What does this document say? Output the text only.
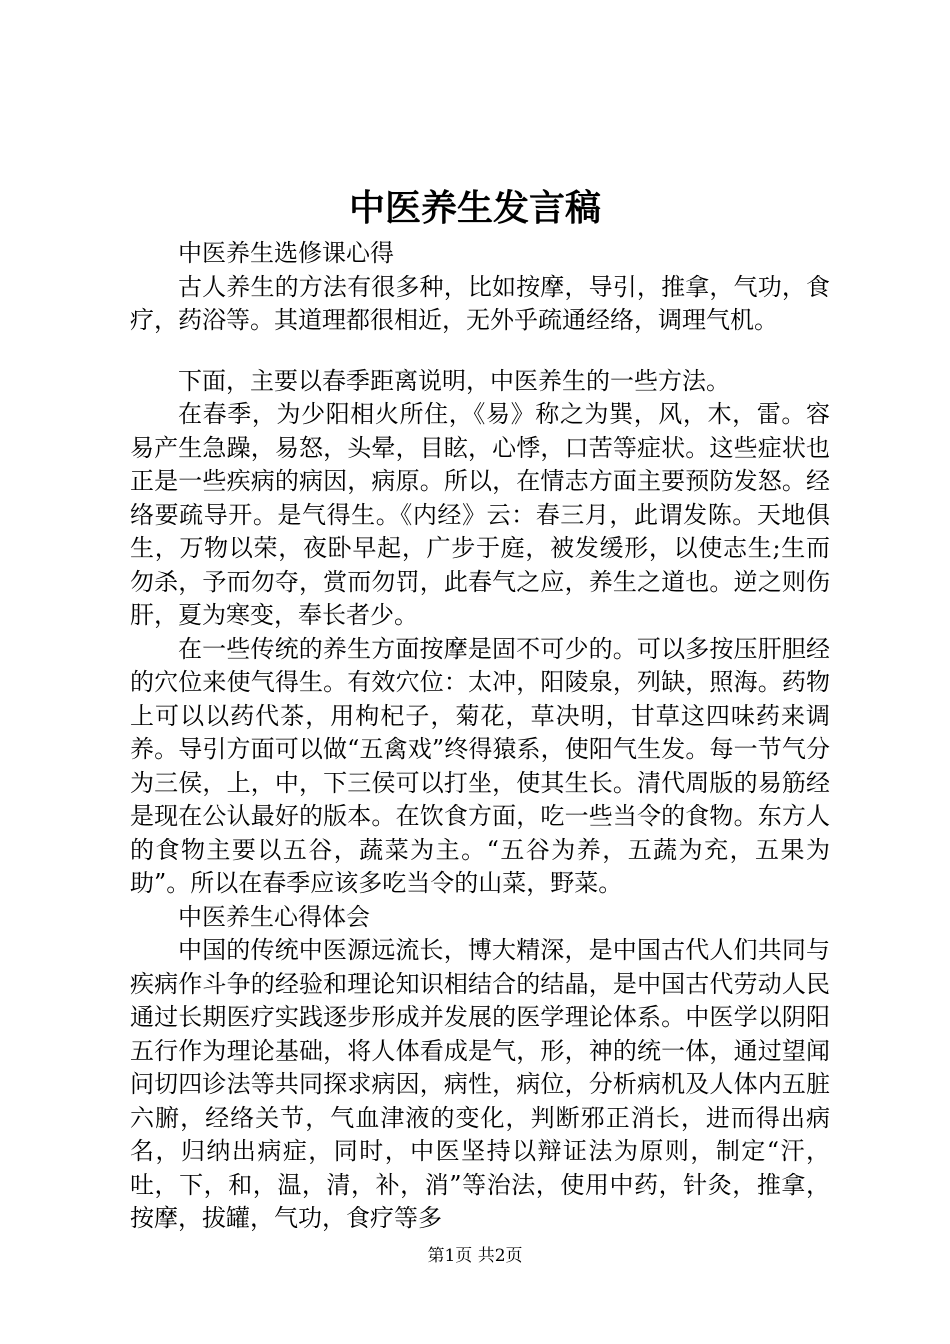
中医养生发言稿

中医养生选修课心得

古人养生的方法有很多种，比如按摩，导引，推拿，气功，食疗，药浴等。其道理都很相近，无外乎疏通经络，调理气机。

下面，主要以春季距离说明，中医养生的一些方法。

在春季，为少阳相火所住，《易》称之为巽，风，木，雷。容易产生急躁，易怒，头晕，目眩，心悸，口苦等症状。这些症状也正是一些疾病的病因，病原。所以，在情志方面主要预防发怒。经络要疏导开。是气得生。《内经》云：春三月，此谓发陈。天地俱生，万物以荣，夜卧早起，广步于庭，被发缓形，以使志生;生而勿杀，予而勿夺，赏而勿罚，此春气之应，养生之道也。逆之则伤肝，夏为寒变，奉长者少。

在一些传统的养生方面按摩是固不可少的。可以多按压肝胆经的穴位来使气得生。有效穴位：太冲，阳陵泉，列缺，照海。药物上可以以药代茶，用枸杞子，菊花，草决明，甘草这四味药来调养。导引方面可以做“五禽戏”终得猿系，使阳气生发。每一节气分为三侯，上，中，下三侯可以打坐，使其生长。清代周版的易筋经是现在公认最好的版本。在饮食方面，吃一些当令的食物。东方人的食物主要以五谷，蔬菜为主。“五谷为养，五蔬为充，五果为助”。所以在春季应该多吃当令的山菜，野菜。

中医养生心得体会

中国的传统中医源远流长，博大精深，是中国古代人们共同与疾病作斗争的经验和理论知识相结合的结晶，是中国古代劳动人民通过长期医疗实践逐步形成并发展的医学理论体系。中医学以阴阳五行作为理论基础，将人体看成是气，形，神的统一体，通过望闻问切四诊法等共同探求病因，病性，病位，分析病机及人体内五脏六腑，经络关节，气血津液的变化，判断邪正消长，进而得出病名，归纳出病症，同时，中医坚持以辩证法为原则，制定“汗，吐，下，和，温，清，补，消”等治法，使用中药，针灸，推拿，按摩，拔罐，气功，食疗等多

第1页 共2页
